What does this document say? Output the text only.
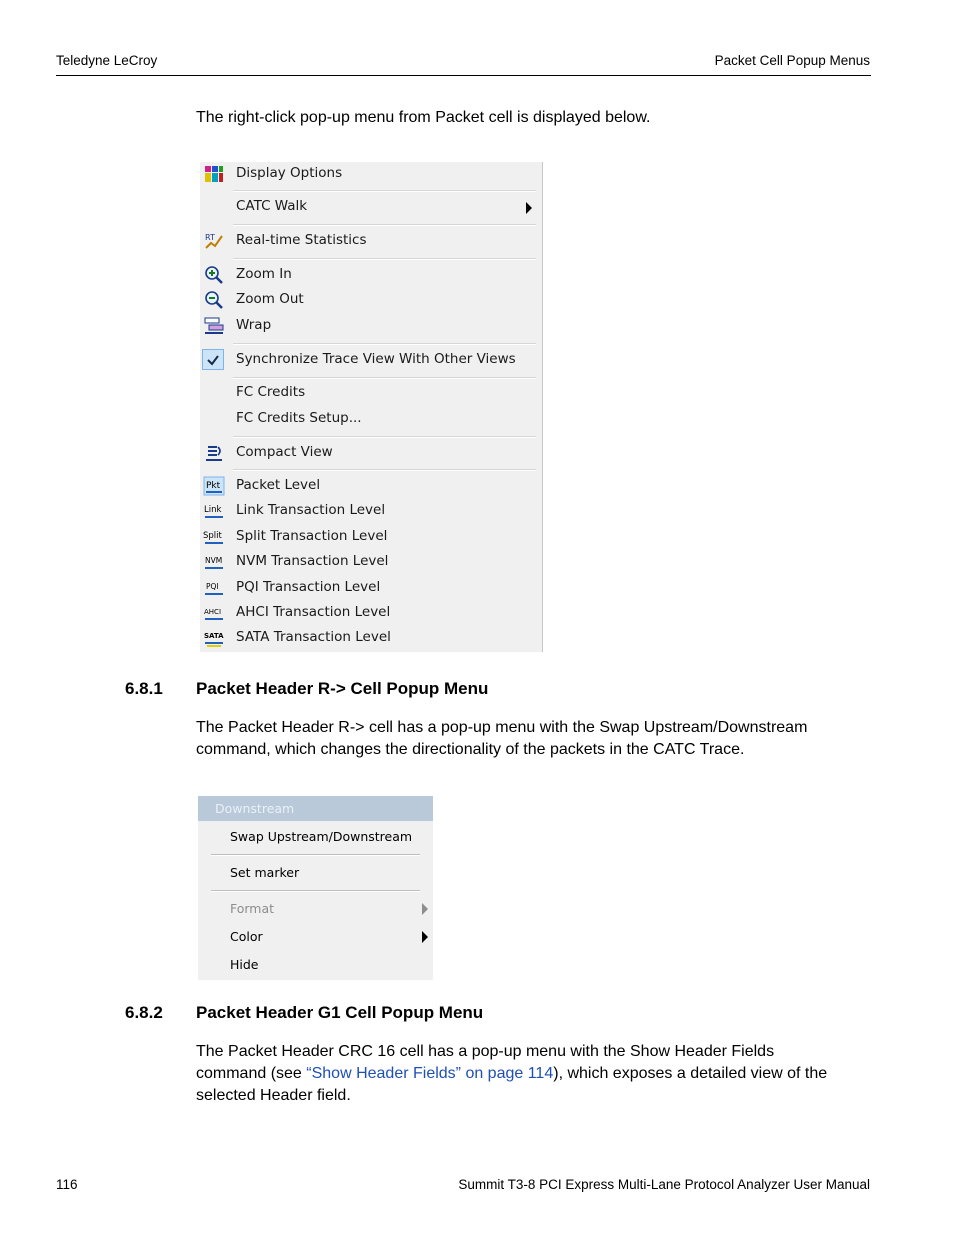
Teledyne LeCroy	Packet Cell Popup Menus
The right-click pop-up menu from Packet cell is displayed below.
Display Options
CATC Walk
RT Real-time Statistics
Zoom In
Zoom Out
Wrap
Synchronize Trace View With Other Views
FC Credits
FC Credits Setup...
Compact View
Pkt Packet Level
Link Link Transaction Level
Split Split Transaction Level
NVM NVM Transaction Level
PQI PQI Transaction Level
AHCI AHCI Transaction Level
SATA SATA Transaction Level
6.8.1 Packet Header R-> Cell Popup Menu
The Packet Header R-> cell has a pop-up menu with the Swap Upstream/Downstream
command, which changes the directionality of the packets in the CATC Trace.
Downstream
Swap Upstream/Downstream
Set marker
Format
Color
Hide
6.8.2 Packet Header G1 Cell Popup Menu
The Packet Header CRC 16 cell has a pop-up menu with the Show Header Fields
command (see “Show Header Fields” on page 114), which exposes a detailed view of the
selected Header field.
116	Summit T3-8 PCI Express Multi-Lane Protocol Analyzer User Manual
